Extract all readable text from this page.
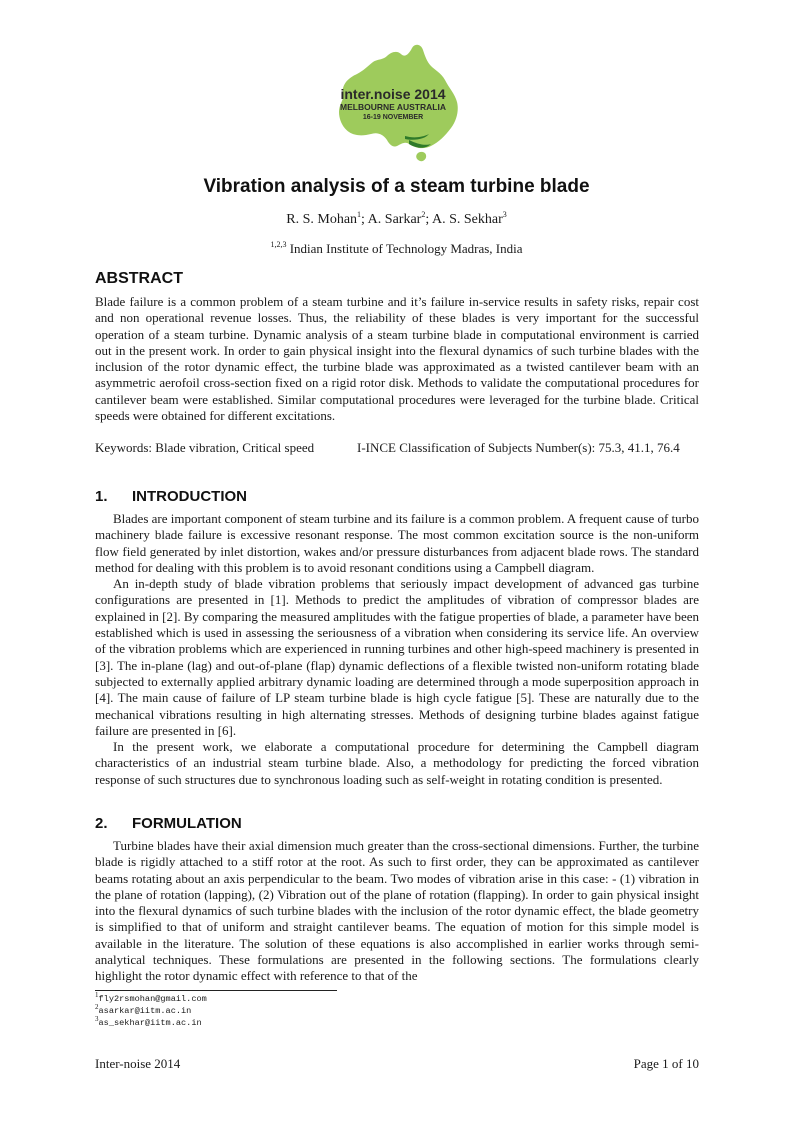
inter.noise 2014
MELBOURNE AUSTRALIA
16-19 NOVEMBER
Vibration analysis of a steam turbine blade
R. S. Mohan$^1$; A. Sarkar$^2$; A. S. Sekhar$^3$
$^{1,2,3}$ Indian Institute of Technology Madras, India
ABSTRACT

Blade failure is a common problem of a steam turbine and it’s failure in-service results in safety risks, repair cost and non operational revenue losses. Thus, the reliability of these blades is very important for the successful operation of a steam turbine. Dynamic analysis of a steam turbine blade in computational environment is carried out in the present work. In order to gain physical insight into the flexural dynamics of such turbine blades with the inclusion of the rotor dynamic effect, the turbine blade was approximated as a twisted cantilever beam with an asymmetric aerofoil cross-section fixed on a rigid rotor disk. Methods to validate the computational procedures for cantilever beam were established. Similar computational procedures were leveraged for the turbine blade. Critical speeds were obtained for different excitations.

Keywords: Blade vibration, Critical speed	I-INCE Classification of Subjects Number(s): 75.3, 41.1, 76.4
1. INTRODUCTION

Blades are important component of steam turbine and its failure is a common problem. A frequent cause of turbo machinery blade failure is excessive resonant response. The most common excitation source is the non-uniform flow field generated by inlet distortion, wakes and/or pressure disturbances from adjacent blade rows. The standard method for dealing with this problem is to avoid resonant conditions using a Campbell diagram.

An in-depth study of blade vibration problems that seriously impact development of advanced gas turbine configurations are presented in [1]. Methods to predict the amplitudes of vibration of compressor blades are explained in [2]. By comparing the measured amplitudes with the fatigue properties of blade, a parameter have been established which is used in assessing the seriousness of a vibration when considering its service life. An overview of the vibration problems which are experienced in running turbines and other high-speed machinery is presented in [3]. The in-plane (lag) and out-of-plane (flap) dynamic deflections of a flexible twisted non-uniform rotating blade subjected to externally applied arbitrary dynamic loading are determined through a mode superposition approach in [4]. The main cause of failure of LP steam turbine blade is high cycle fatigue [5]. These are naturally due to the mechanical vibrations resulting in high alternating stresses. Methods of designing turbine blades against fatigue failure are presented in [6].

In the present work, we elaborate a computational procedure for determining the Campbell diagram characteristics of an industrial steam turbine blade. Also, a methodology for predicting the forced vibration response of such structures due to synchronous loading such as self-weight in rotating condition is presented.

2. FORMULATION

Turbine blades have their axial dimension much greater than the cross-sectional dimensions. Further, the turbine blade is rigidly attached to a stiff rotor at the root. As such to first order, they can be approximated as cantilever beams rotating about an axis perpendicular to the beam. Two modes of vibration arise in this case: - (1) vibration in the plane of rotation (lapping), (2) Vibration out of the plane of rotation (flapping). In order to gain physical insight into the flexural dynamics of such turbine blades with the inclusion of the rotor dynamic effect, the blade geometry is simplified to that of uniform and straight cantilever beams. The equation of motion for this simple model is available in the literature. The solution of these equations is also accomplished in earlier works through semi-analytical techniques. These formulations are presented in the following sections. The formulations clearly highlight the rotor dynamic effect with reference to that of the

$^1$fly2rsmohan@gmail.com
$^2$asarkar@iitm.ac.in
$^3$as_sekhar@iitm.ac.in
Inter-noise 2014	Page 1 of 10
